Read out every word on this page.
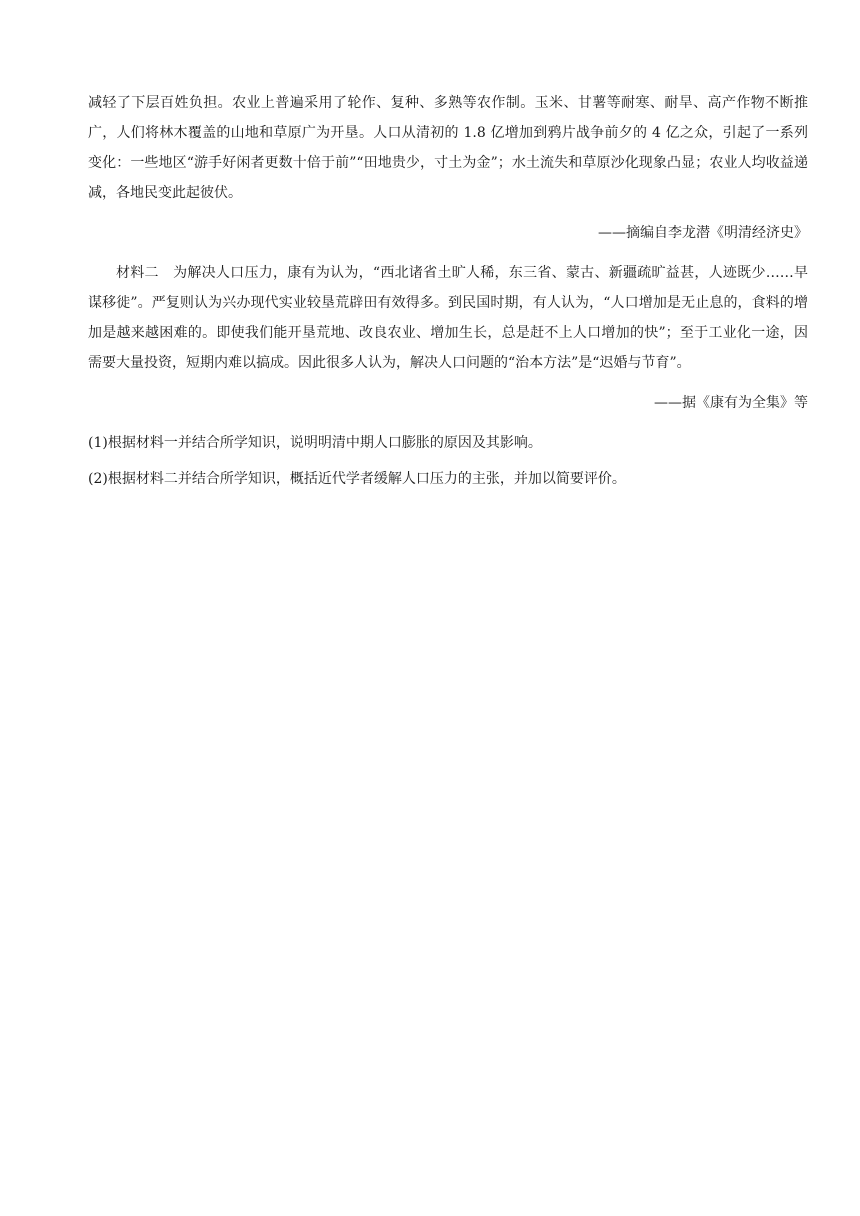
减轻了下层百姓负担。农业上普遍采用了轮作、复种、多熟等农作制。玉米、甘薯等耐寒、耐旱、高产作物不断推广，人们将林木覆盖的山地和草原广为开垦。人口从清初的 1.8 亿增加到鸦片战争前夕的 4 亿之众，引起了一系列变化：一些地区“游手好闲者更数十倍于前”“田地贵少，寸土为金”；水土流失和草原沙化现象凸显；农业人均收益递减，各地民变此起彼伏。

——摘编自李龙潜《明清经济史》

材料二　为解决人口压力，康有为认为，“西北诸省土旷人稀，东三省、蒙古、新疆疏旷益甚，人迹既少……早谋移徙”。严复则认为兴办现代实业较垦荒辟田有效得多。到民国时期，有人认为，“人口增加是无止息的，食料的增加是越来越困难的。即使我们能开垦荒地、改良农业、增加生长，总是赶不上人口增加的快”；至于工业化一途，因需要大量投资，短期内难以搞成。因此很多人认为，解决人口问题的“治本方法”是“迟婚与节育”。

——据《康有为全集》等
(1)根据材料一并结合所学知识，说明明清中期人口膨胀的原因及其影响。
(2)根据材料二并结合所学知识，概括近代学者缓解人口压力的主张，并加以简要评价。
